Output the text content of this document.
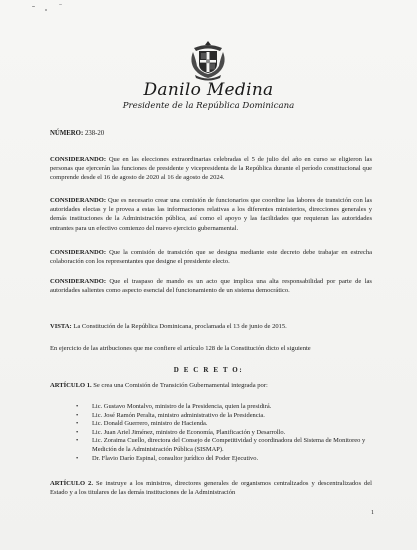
Danilo Medina
Presidente de la República Dominicana
NÚMERO: 238-20
CONSIDERANDO: Que en las elecciones extraordinarias celebradas el 5 de julio del año en curso se eligieron las personas que ejercerán las funciones de presidente y vicepresidenta de la República durante el período constitucional que comprende desde el 16 de agosto de 2020 al 16 de agosto de 2024.
CONSIDERANDO: Que es necesario crear una comisión de funcionarios que coordine las labores de transición con las autoridades electas y le provea a estas las informaciones relativas a los diferentes ministerios, direcciones generales y demás instituciones de la Administración pública, así como el apoyo y las facilidades que requieran las autoridades entrantes para un efectivo comienzo del nuevo ejercicio gubernamental.
CONSIDERANDO: Que la comisión de transición que se designa mediante este decreto debe trabajar en estrecha colaboración con los representantes que designe el presidente electo.
CONSIDERANDO: Que el traspaso de mando es un acto que implica una alta responsabilidad por parte de las autoridades salientes como aspecto esencial del funcionamiento de un sistema democrático.
VISTA: La Constitución de la República Dominicana, proclamada el 13 de junio de 2015.
En ejercicio de las atribuciones que me confiere el artículo 128 de la Constitución dicto el siguiente
D E C R E T O:
ARTÍCULO 1. Se crea una Comisión de Transición Gubernamental integrada por:
• Lic. Gustavo Montalvo, ministro de la Presidencia, quien la presidirá.
• Lic. José Ramón Peralta, ministro administrativo de la Presidencia.
• Lic. Donald Guerrero, ministro de Hacienda.
• Lic. Juan Ariel Jiménez, ministro de Economía, Planificación y Desarrollo.
• Lic. Zoraima Cuello, directora del Consejo de Competitividad y coordinadora del Sistema de Monitoreo y Medición de la Administración Pública (SISMAP).
• Dr. Flavio Darío Espinal, consultor jurídico del Poder Ejecutivo.
ARTÍCULO 2. Se instruye a los ministros, directores generales de organismos centralizados y descentralizados del Estado y a los titulares de las demás instituciones de la Administración
1
